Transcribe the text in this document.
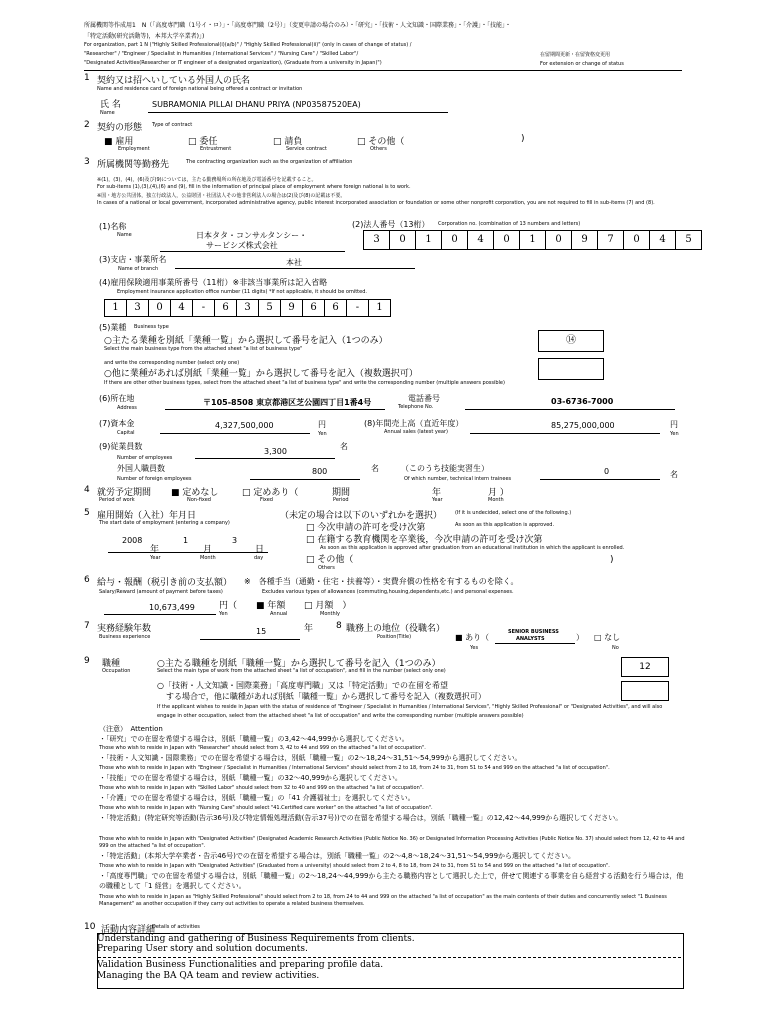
所属機関等作成用1　N（「高度専門職（1号イ・ロ）」・「高度専門職（2号）」（変更申請の場合のみ）・「研究」・「技術・人文知識・国際業務」・「介護」・「技能」・
「特定活動(研究活動等)，本邦大学卒業者)」)
For organization, part 1 N ("Highly Skilled Professional(i)(a/b)" / "Highly Skilled Professional(ii)" (only in cases of change of status) /
"Researcher" / "Engineer / Specialist in Humanities / International Services" / "Nursing Care" / "Skilled Labor"/
"Designated Activities(Researcher or IT engineer of a designated organization), (Graduate from a university in Japan)")
在留期間更新・在留資格変更用
For extension or change of status
1 契約又は招へいしている外国人の氏名
Name and residence card of foreign national being offered a contract or invitation
氏 名
Name
SUBRAMONIA PILLAI DHANU PRIYA (NP03587520EA)
2 契約の形態 Type of contract
■ 雇用
Employment
□ 委任
Entrustment
□ 請負
Service contract
□ その他（
Others
)
3 所属機関等勤務先	The contracting organization such as the organization of affiliation
※(1)，(3)，(4)，(6)及び(9)については，主たる勤務場所の所在地及び電話番号を記載すること。
For sub-items (1),(3),(4),(6) and (9), fill in the information of principal place of employment where foreign national is to work.
※国・地方公共団体，独立行政法人，公益財団・社団法人その他非営利法人の場合は(2)及び(8)の記載は不要。
In cases of a national or local government, incorporated administrative agency, public interest incorporated association or foundation or some other nonprofit corporation, you are not required to fill in sub-items (7) and (8).
(1)名称
Name	日本タタ・コンサルタンシー・
サービシズ株式会社
(2)法人番号（13桁） Corporation no. (combination of 13 numbers and letters)
3	0	1	0	4	0	1	0	9	7	0	4	5
(3)支店・事業所名
Name of branch
本社
(4)雇用保険適用事業所番号（11桁）※非該当事業所は記入省略
Employment insurance application office number (11 digits) *If not applicable, it should be omitted.
1	3	0	4	-	6	3	5	9	6	6	-	1
(5)業種 Business type
○主たる業種を別紙「業種一覧」から選択して番号を記入（1つのみ）
Select the main business type from the attached sheet "a list of business type"
⑭
and write the corresponding number (select only one)
○他に業種があれば別紙「業種一覧」から選択して番号を記入（複数選択可）
If there are other other business types, select from the attached sheet "a list of business type" and write the corresponding number (multiple answers possible)
(6)所在地
Address
〒105-8508 東京都港区芝公園四丁目1番4号	電話番号
Telephone No.
03-6736-7000
(7)資本金
Capital
4,327,500,000	円
Yen
(8)年間売上高（直近年度）
Annual sales (latest year)
85,275,000,000	円
Yen
(9)従業員数
3,300
名
Number of employees
外国人職員数
Number of foreign employees
800	名	（このうち技能実習生）
Of which number, technical intern trainees
0	名
4 就労予定期間
Period of work
■ 定めなし
Non-fixed
□ 定めあり（
Fixed
期間
Period
年
Year
月 ）
Month
5 雇用開始（入社）年月日
The start date of employment (entering a company)
2008
年
1
月
3
日
Year	Month	day
（未定の場合は以下のいずれかを選択）	(If it is undecided, select one of the following.)
□ 今次申請の許可を受け次第	As soon as this application is approved.
□ 在籍する教育機関を卒業後，今次申請の許可を受け次第
As soon as this application is approved after graduation from an educational institution in which the applicant is enrolled.
□ その他（
Others
)
6 給与・報酬（税引き前の支払額）
Salary/Reward (amount of payment before taxes)
※　各種手当（通勤・住宅・扶養等）・実費弁償の性格を有するものを除く。
Excludes various types of allowances (commuting,housing,dependents,etc.) and personal expenses.
10,673,499	円（
Yen
■ 年額
Annual
□ 月額　）
Monthly
7 実務経験年数
Business experience
15	年	8 職務上の地位（役職名）
Position(Title)	■ あり（
Yes
SENIOR BUSINESS
ANALYSTS	） □ なし
No
9 職種
Occupation
○主たる職種を別紙「職種一覧」から選択して番号を記入（1つのみ）
Select the main type of work from the attached sheet "a list of occupation", and fill in the number (select only one)	12
○「技術・人文知識・国際業務」「高度専門職」又は「特定活動」での在留を希望
する場合で，他に職種があれば別紙「職種一覧」から選択して番号を記入（複数選択可）
If the applicant wishes to reside in Japan with the status of residence of "Engineer / Specialist in Humanities / International Services", "Highly Skilled Professional" or "Designated Activities", and will also
engage in other occupation, select from the attached sheet "a list of occupation" and write the corresponding number (multiple answers possible)
（注意）　Attention
・「研究」での在留を希望する場合は，別紙「職種一覧」の3,42～44,999から選択してください。
Those who wish to reside in Japan with "Researcher" should select from 3, 42 to 44 and 999 on the attached "a list of occupation".
・「技術・人文知識・国際業務」での在留を希望する場合は，別紙「職種一覧」の2～18,24～31,51～54,999から選択してください。
Those who wish to reside in Japan with "Engineer / Specialist in Humanities / International Services" should select from 2 to 18, from 24 to 31, from 51 to 54 and 999 on the attached "a list of occupation".
・「技能」での在留を希望する場合は，別紙「職種一覧」の32～40,999から選択してください。
Those who wish to reside in Japan with "Skilled Labor" should select from 32 to 40 and 999 on the attached "a list of occupation".
・「介護」での在留を希望する場合は，別紙「職種一覧」の「41 介護福祉士」を選択してください。
Those who wish to reside in Japan with "Nursing Care" should select "41.Certified care worker" on the attached "a list of occupation".
・「特定活動」(特定研究等活動(告示36号)及び特定情報処理活動(告示37号))での在留を希望する場合は，別紙「職種一覧」の12,42～44,999から選択してください。
Those who wish to reside in Japan with "Designated Activities" (Designated Academic Research Activities (Public Notice No. 36) or Designated Information Processing Activities (Public Notice No. 37) should select from 12, 42 to 44 and 999 on the attached "a list of occupation".
・「特定活動」(本邦大学卒業者・告示46号)での在留を希望する場合は，別紙「職種一覧」の2～4,8～18,24～31,51～54,999から選択してください。
Those who wish to reside in Japan with "Designated Activities" (Graduated from a university) should select from 2 to 4, 8 to 18, from 24 to 31, from 51 to 54 and 999 on the attached "a list of occupation".
・「高度専門職」での在留を希望する場合は，別紙「職種一覧」の2～18,24～44,999から主たる職務内容として選択した上で，併せて関連する事業を自ら経営する活動を行う場合は，他の職種として「1 経営」を選択してください。
Those who wish to reside in Japan as "Highly Skilled Professional" should select from 2 to 18, from 24 to 44 and 999 on the attached "a list of occupation" as the main contents of their duties and concurrently select "1 Business Management" as another occupation if they carry out activities to operate a related business themselves.
10 活動内容詳細
Details of activities
Understanding and gathering of Business Requirements from clients.
Preparing User story and solution documents.
Validation Business Functionalities and preparing profile data.
Managing the BA QA team and review activities.
